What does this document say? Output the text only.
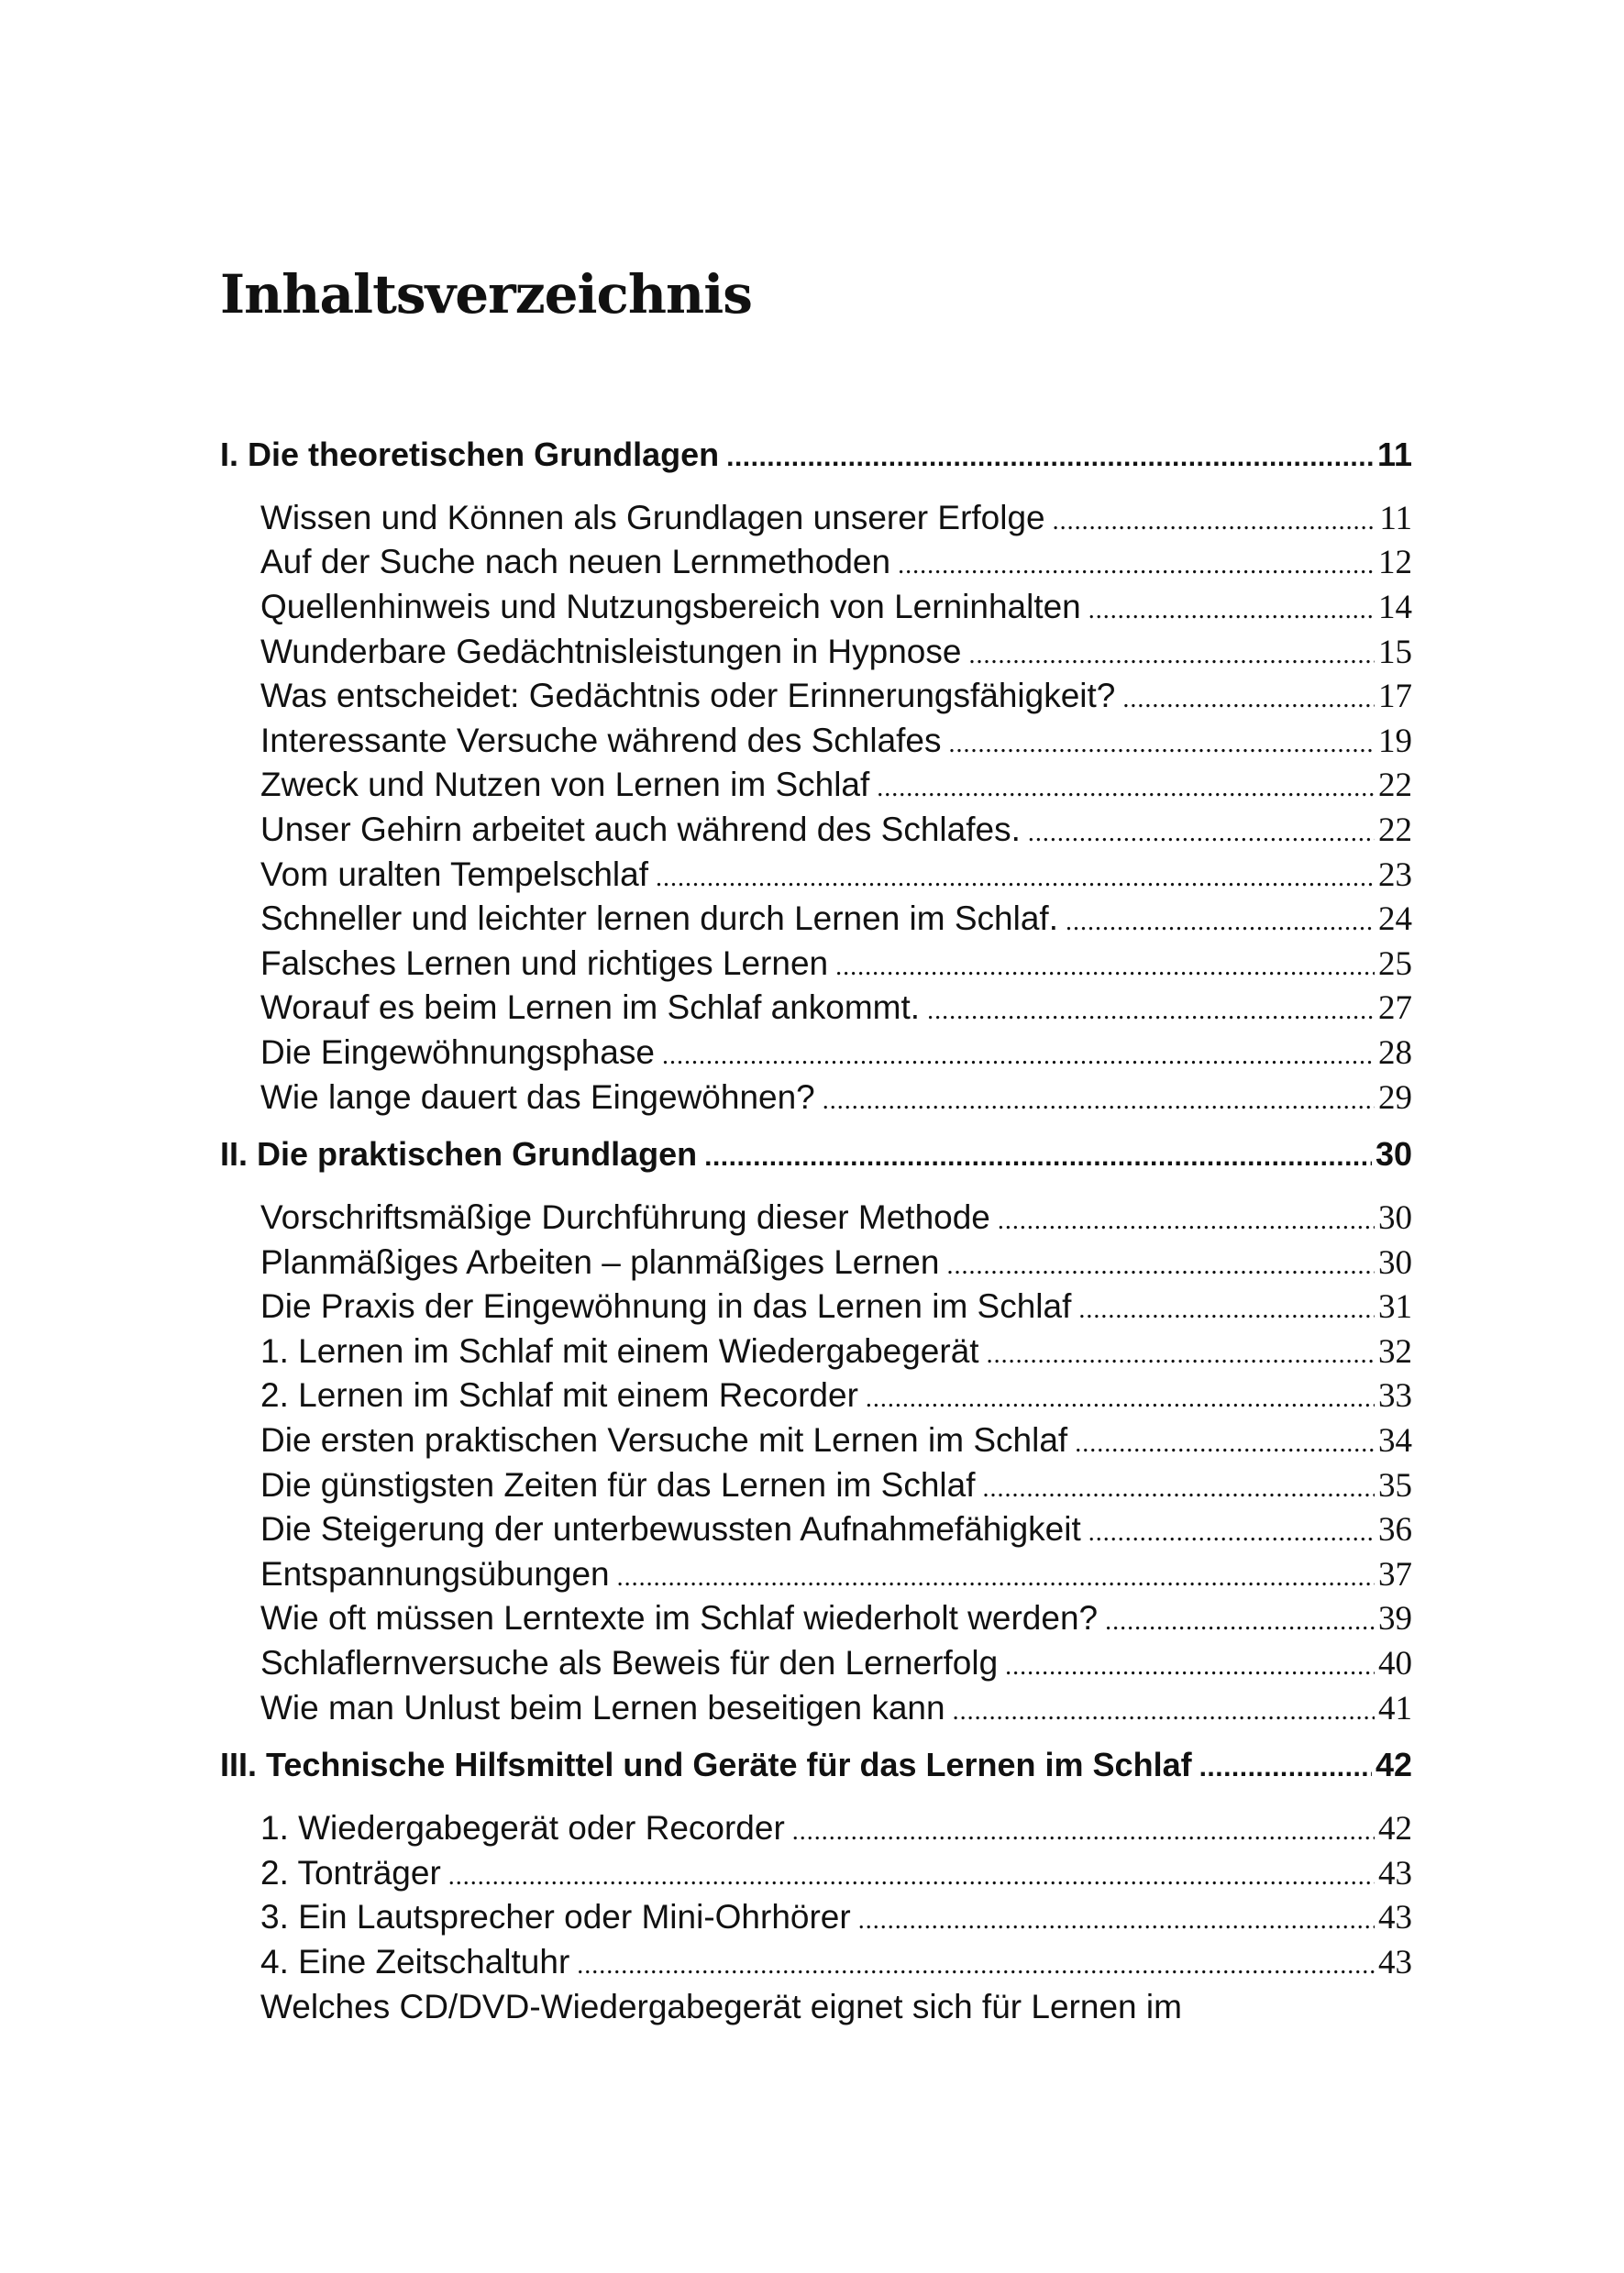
Inhaltsverzeichnis
I. Die theoretischen Grundlagen .....	11
Wissen und Können als Grundlagen unserer Erfolge .....	11
Auf der Suche nach neuen Lernmethoden .....	12
Quellenhinweis und Nutzungsbereich von Lerninhalten .....	14
Wunderbare Gedächtnisleistungen in Hypnose .....	15
Was entscheidet: Gedächtnis oder Erinnerungsfähigkeit? .....	17
Interessante Versuche während des Schlafes .....	19
Zweck und Nutzen von Lernen im Schlaf .....	22
Unser Gehirn arbeitet auch während des Schlafes. .....	22
Vom uralten Tempelschlaf .....	23
Schneller und leichter lernen durch Lernen im Schlaf. .....	24
Falsches Lernen und richtiges Lernen .....	25
Worauf es beim Lernen im Schlaf ankommt. .....	27
Die Eingewöhnungsphase .....	28
Wie lange dauert das Eingewöhnen? .....	29
II. Die praktischen Grundlagen .....	30
Vorschriftsmäßige Durchführung dieser Methode .....	30
Planmäßiges Arbeiten – planmäßiges Lernen .....	30
Die Praxis der Eingewöhnung in das Lernen im Schlaf .....	31
1. Lernen im Schlaf mit einem Wiedergabegerät .....	32
2. Lernen im Schlaf mit einem Recorder .....	33
Die ersten praktischen Versuche mit Lernen im Schlaf .....	34
Die günstigsten Zeiten für das Lernen im Schlaf .....	35
Die Steigerung der unterbewussten Aufnahmefähigkeit .....	36
Entspannungsübungen .....	37
Wie oft müssen Lerntexte im Schlaf wiederholt werden? .....	39
Schlaflernversuche als Beweis für den Lernerfolg .....	40
Wie man Unlust beim Lernen beseitigen kann .....	41
III. Technische Hilfsmittel und Geräte für das Lernen im Schlaf .....	42
1. Wiedergabegerät oder Recorder .....	42
2. Tonträger .....	43
3. Ein Lautsprecher oder Mini-Ohrhörer .....	43
4. Eine Zeitschaltuhr .....	43
Welches CD/DVD-Wiedergabegerät eignet sich für Lernen im
